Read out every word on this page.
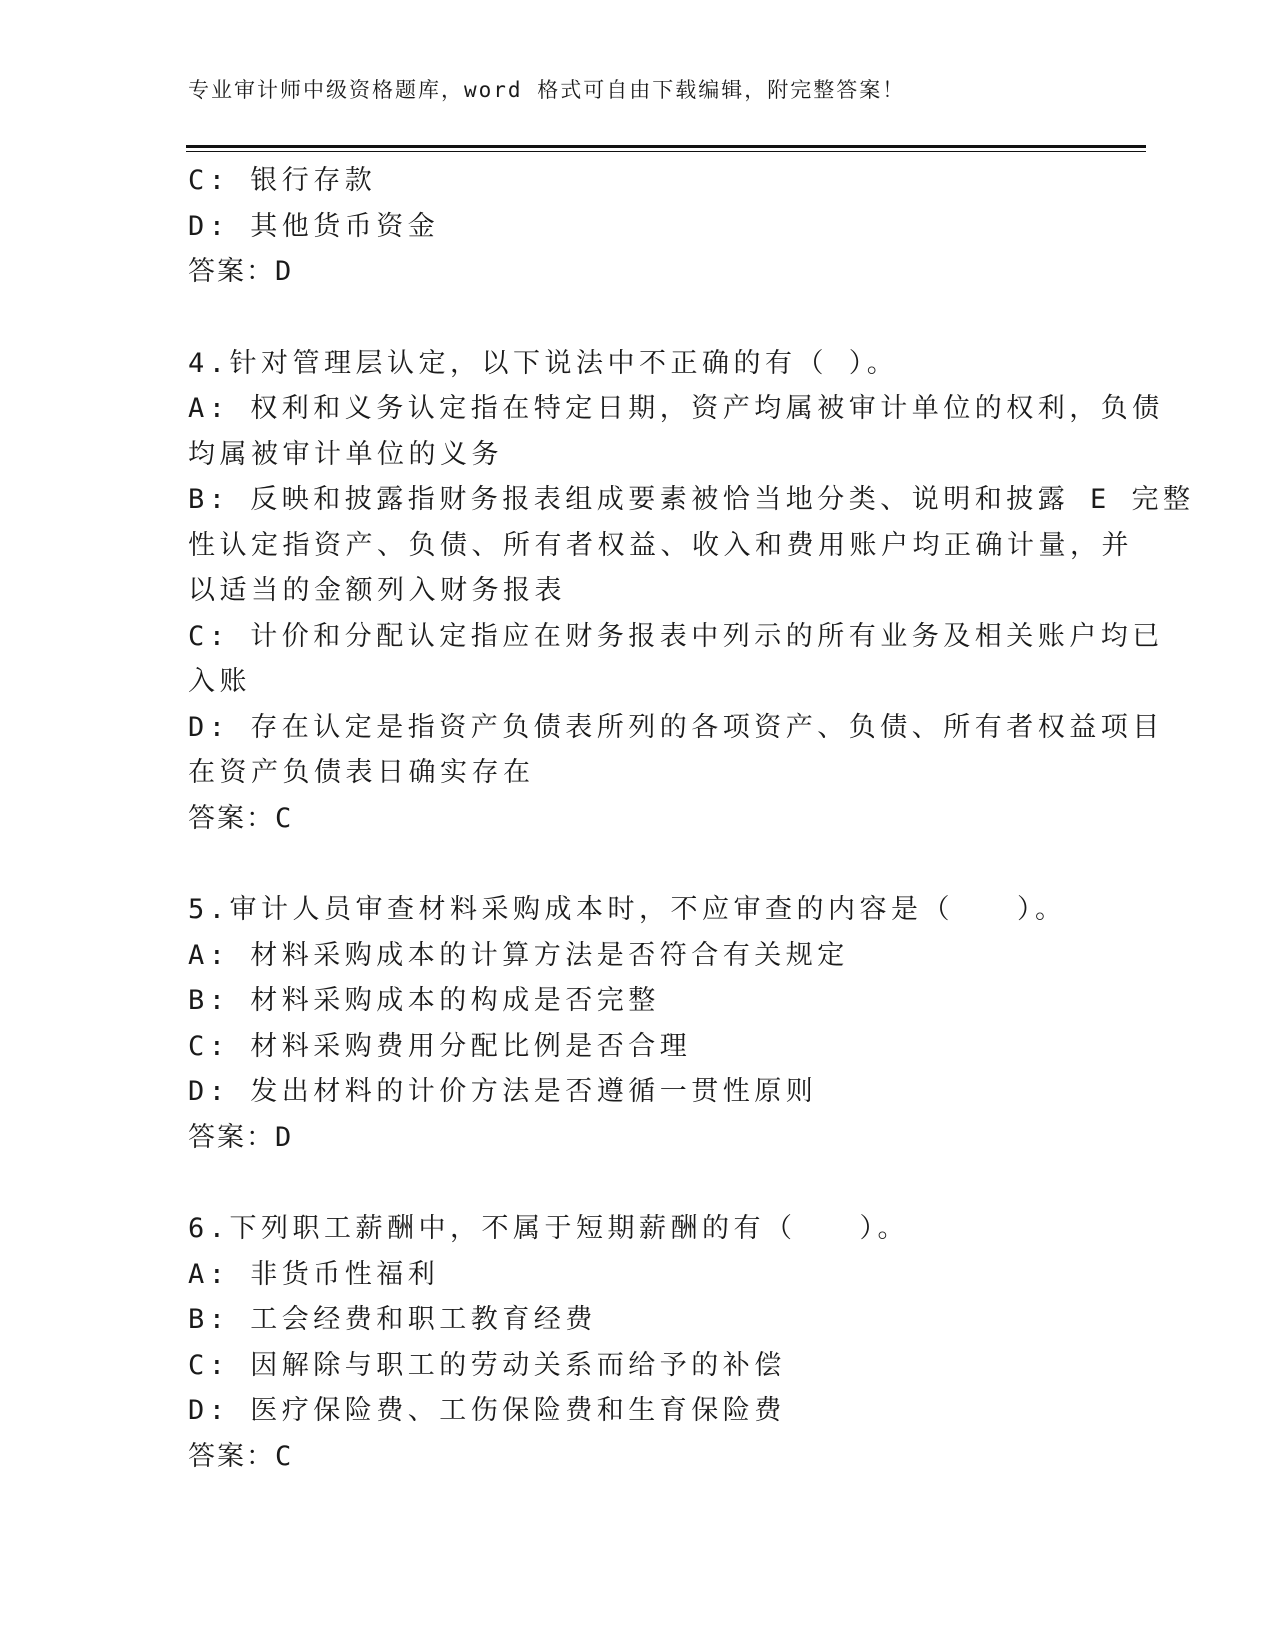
专业审计师中级资格题库，word 格式可自由下载编辑，附完整答案！
C: 银行存款
D: 其他货币资金
答案：D
4.针对管理层认定，以下说法中不正确的有（ ）。
A: 权利和义务认定指在特定日期，资产均属被审计单位的权利，负债
均属被审计单位的义务
B: 反映和披露指财务报表组成要素被恰当地分类、说明和披露 E 完整
性认定指资产、负债、所有者权益、收入和费用账户均正确计量，并
以适当的金额列入财务报表
C: 计价和分配认定指应在财务报表中列示的所有业务及相关账户均已
入账
D: 存在认定是指资产负债表所列的各项资产、负债、所有者权益项目
在资产负债表日确实存在
答案：C
5.审计人员审查材料采购成本时，不应审查的内容是（　　）。
A: 材料采购成本的计算方法是否符合有关规定
B: 材料采购成本的构成是否完整
C: 材料采购费用分配比例是否合理
D: 发出材料的计价方法是否遵循一贯性原则
答案：D
6.下列职工薪酬中，不属于短期薪酬的有（　　）。
A: 非货币性福利
B: 工会经费和职工教育经费
C: 因解除与职工的劳动关系而给予的补偿
D: 医疗保险费、工伤保险费和生育保险费
答案：C
